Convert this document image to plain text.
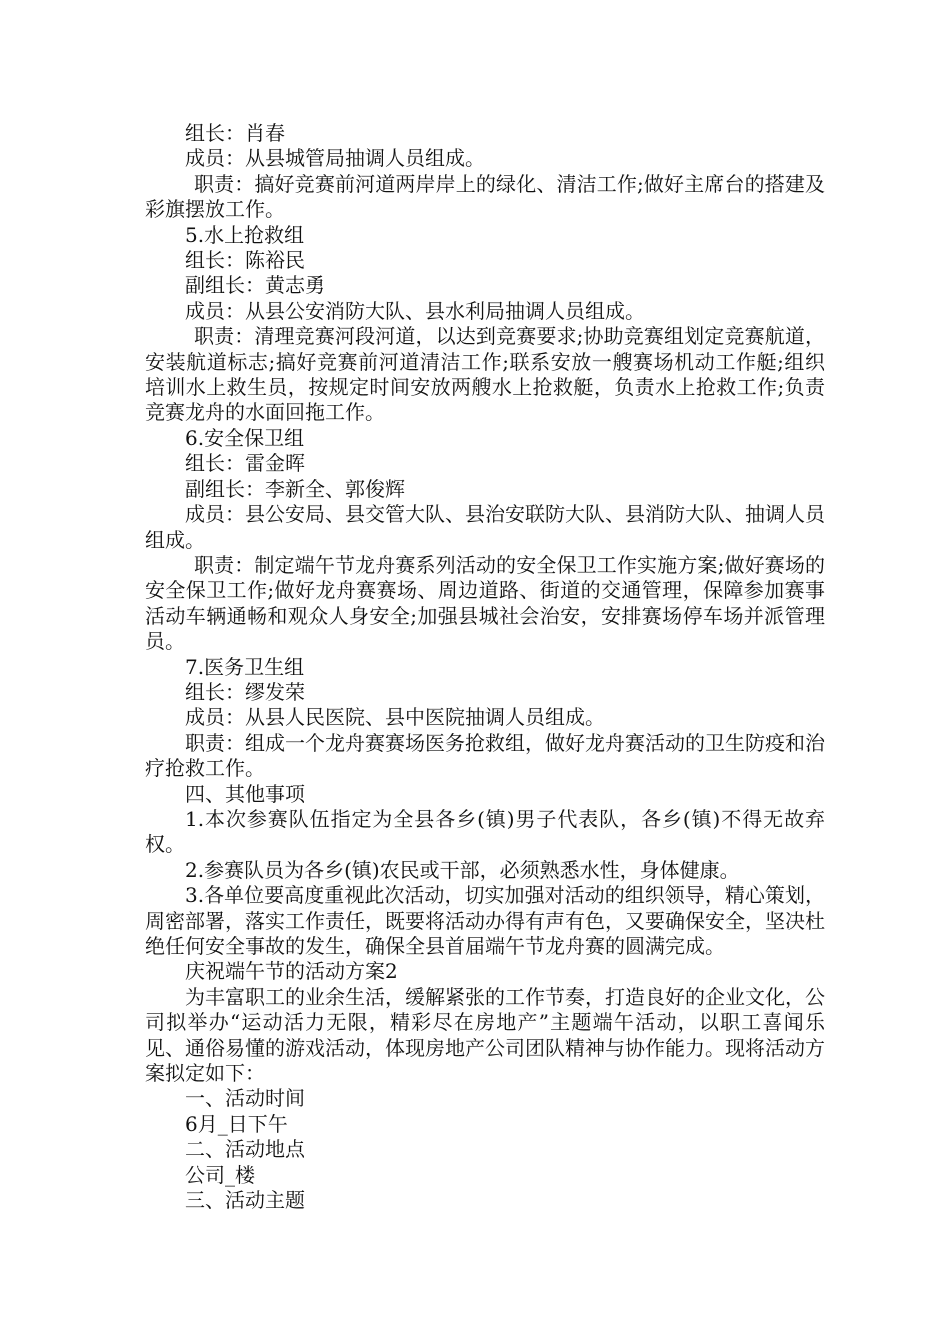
组长：肖春

成员：从县城管局抽调人员组成。

职责：搞好竞赛前河道两岸岸上的绿化、清洁工作;做好主席台的搭建及彩旗摆放工作。

5.水上抢救组

组长：陈裕民

副组长：黄志勇

成员：从县公安消防大队、县水利局抽调人员组成。

职责：清理竞赛河段河道，以达到竞赛要求;协助竞赛组划定竞赛航道，安装航道标志;搞好竞赛前河道清洁工作;联系安放一艘赛场机动工作艇;组织培训水上救生员，按规定时间安放两艘水上抢救艇，负责水上抢救工作;负责竞赛龙舟的水面回拖工作。

6.安全保卫组

组长：雷金晖

副组长：李新全、郭俊辉

成员：县公安局、县交管大队、县治安联防大队、县消防大队、抽调人员组成。

职责：制定端午节龙舟赛系列活动的安全保卫工作实施方案;做好赛场的安全保卫工作;做好龙舟赛赛场、周边道路、街道的交通管理，保障参加赛事活动车辆通畅和观众人身安全;加强县城社会治安，安排赛场停车场并派管理员。

7.医务卫生组

组长：缪发荣

成员：从县人民医院、县中医院抽调人员组成。

职责：组成一个龙舟赛赛场医务抢救组，做好龙舟赛活动的卫生防疫和治疗抢救工作。

四、其他事项

1.本次参赛队伍指定为全县各乡(镇)男子代表队，各乡(镇)不得无故弃权。

2.参赛队员为各乡(镇)农民或干部，必须熟悉水性，身体健康。

3.各单位要高度重视此次活动，切实加强对活动的组织领导，精心策划，周密部署，落实工作责任，既要将活动办得有声有色，又要确保安全，坚决杜绝任何安全事故的发生，确保全县首届端午节龙舟赛的圆满完成。

庆祝端午节的活动方案2

为丰富职工的业余生活，缓解紧张的工作节奏，打造良好的企业文化，公司拟举办“运动活力无限，精彩尽在房地产”主题端午活动，以职工喜闻乐见、通俗易懂的游戏活动，体现房地产公司团队精神与协作能力。现将活动方案拟定如下：

一、活动时间

6月_日下午

二、活动地点

公司_楼

三、活动主题
